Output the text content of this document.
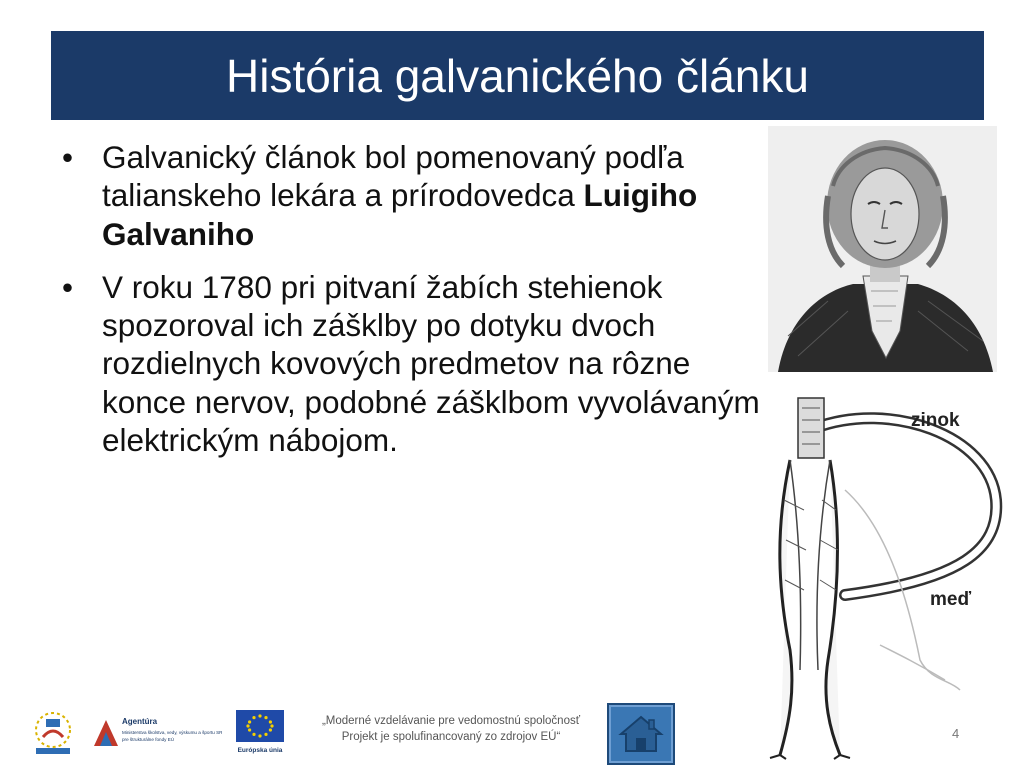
História galvanického článku
• Galvanický článok bol pomenovaný podľa talianskeho lekára a prírodovedca Luigiho Galvaniho
• V roku 1780 pri pitvaní žabích stehienok spozoroval ich zášklby po dotyku dvoch rozdielnych kovových predmetov na rôzne konce nervov, podobné zášklbom vyvolávaným elektrickým nábojom.
zinok
meď
Agentúra
Ministerstva školstva, vedy, výskumu a športu SR
pre štrukturálne fondy EÚ
Európska únia
„Moderné vzdelávanie pre vedomostnú spoločnosť
Projekt je spolufinancovaný zo zdrojov EÚ“	4
